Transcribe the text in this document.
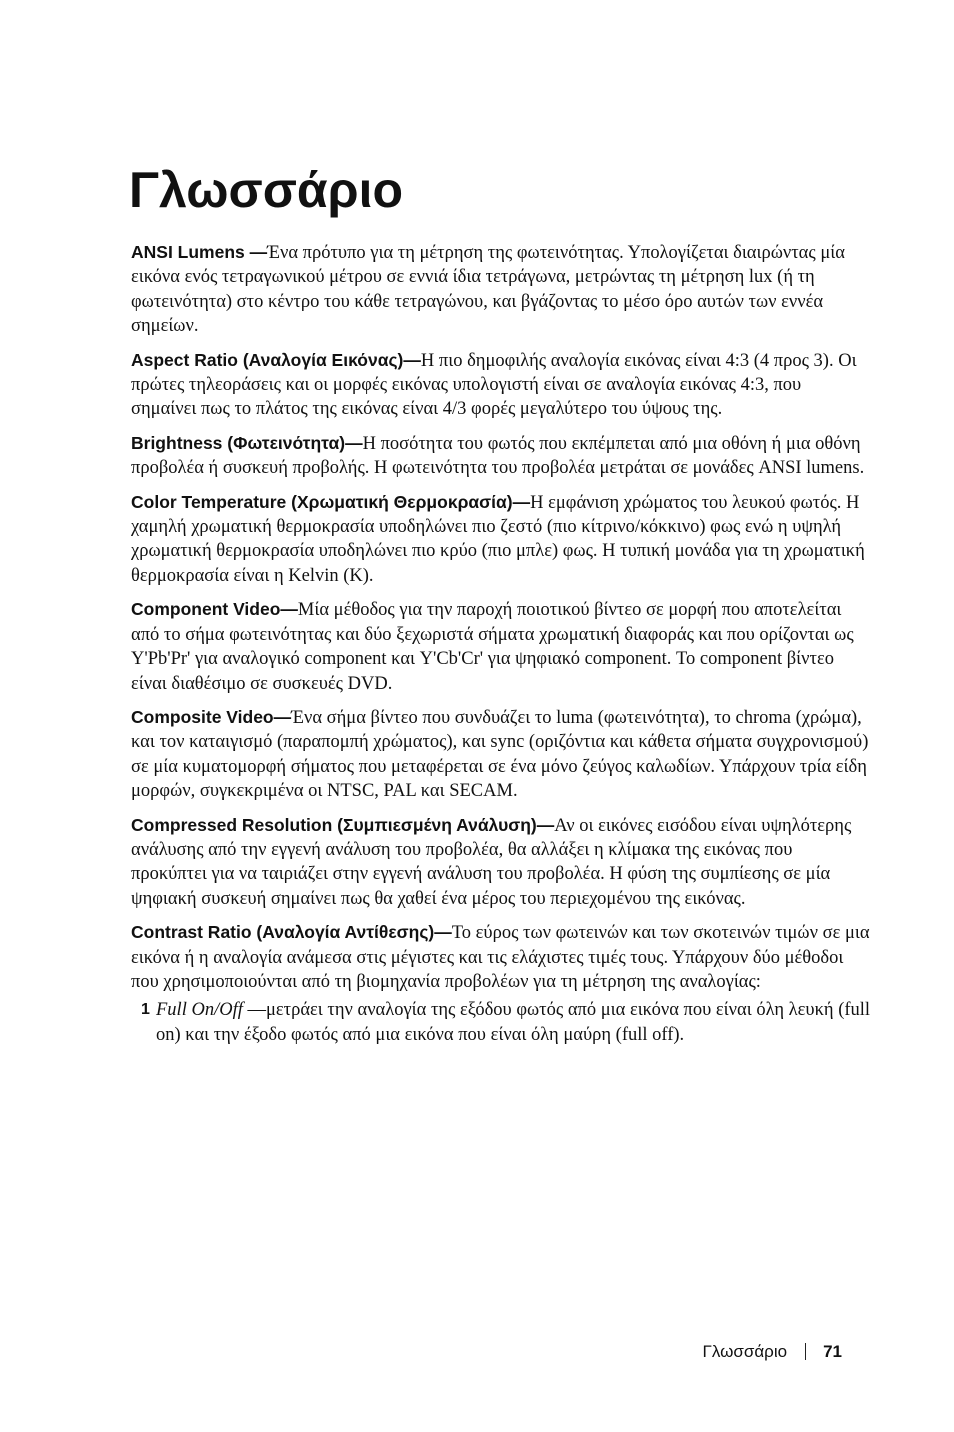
Γλωσσάριο

ANSI Lumens —Ένα πρότυπο για τη μέτρηση της φωτεινότητας. Υπολογίζεται διαιρώντας μία εικόνα ενός τετραγωνικού μέτρου σε εννιά ίδια τετράγωνα, μετρώντας τη μέτρηση lux (ή τη φωτεινότητα) στο κέντρο του κάθε τετραγώνου, και βγάζοντας το μέσο όρο αυτών των εννέα σημείων.

Aspect Ratio (Αναλογία Εικόνας)—Η πιο δημοφιλής αναλογία εικόνας είναι 4:3 (4 προς 3). Οι πρώτες τηλεοράσεις και οι μορφές εικόνας υπολογιστή είναι σε αναλογία εικόνας 4:3, που σημαίνει πως το πλάτος της εικόνας είναι 4/3 φορές μεγαλύτερο του ύψους της.

Brightness (Φωτεινότητα)—Η ποσότητα του φωτός που εκπέμπεται από μια οθόνη ή μια οθόνη προβολέα ή συσκευή προβολής. Η φωτεινότητα του προβολέα μετράται σε μονάδες ANSI lumens.

Color Temperature (Χρωματική Θερμοκρασία)—Η εμφάνιση χρώματος του λευκού φωτός. Η χαμηλή χρωματική θερμοκρασία υποδηλώνει πιο ζεστό (πιο κίτρινο/κόκκινο) φως ενώ η υψηλή χρωματική θερμοκρασία υποδηλώνει πιο κρύο (πιο μπλε) φως. Η τυπική μονάδα για τη χρωματική θερμοκρασία είναι η Kelvin (K).

Component Video—Μία μέθοδος για την παροχή ποιοτικού βίντεο σε μορφή που αποτελείται από το σήμα φωτεινότητας και δύο ξεχωριστά σήματα χρωματική διαφοράς και που ορίζονται ως Y'Pb'Pr' για αναλογικό component και Y'Cb'Cr' για ψηφιακό component. Το component βίντεο είναι διαθέσιμο σε συσκευές DVD.

Composite Video—Ένα σήμα βίντεο που συνδυάζει το luma (φωτεινότητα), το chroma (χρώμα), και τον καταιγισμό (παραπομπή χρώματος), και sync (οριζόντια και κάθετα σήματα συγχρονισμού) σε μία κυματομορφή σήματος που μεταφέρεται σε ένα μόνο ζεύγος καλωδίων. Υπάρχουν τρία είδη μορφών, συγκεκριμένα οι NTSC, PAL και SECAM.

Compressed Resolution (Συμπιεσμένη Ανάλυση)—Αν οι εικόνες εισόδου είναι υψηλότερης ανάλυσης από την εγγενή ανάλυση του προβολέα, θα αλλάξει η κλίμακα της εικόνας που προκύπτει για να ταιριάζει στην εγγενή ανάλυση του προβολέα. Η φύση της συμπίεσης σε μία ψηφιακή συσκευή σημαίνει πως θα χαθεί ένα μέρος του περιεχομένου της εικόνας.

Contrast Ratio (Αναλογία Αντίθεσης)—Το εύρος των φωτεινών και των σκοτεινών τιμών σε μια εικόνα ή η αναλογία ανάμεσα στις μέγιστες και τις ελάχιστες τιμές τους. Υπάρχουν δύο μέθοδοι που χρησιμοποιούνται από τη βιομηχανία προβολέων για τη μέτρηση της αναλογίας:

1 Full On/Off —μετράει την αναλογία της εξόδου φωτός από μια εικόνα που είναι όλη λευκή (full on) και την έξοδο φωτός από μια εικόνα που είναι όλη μαύρη (full off).
Γλωσσάριο 71
